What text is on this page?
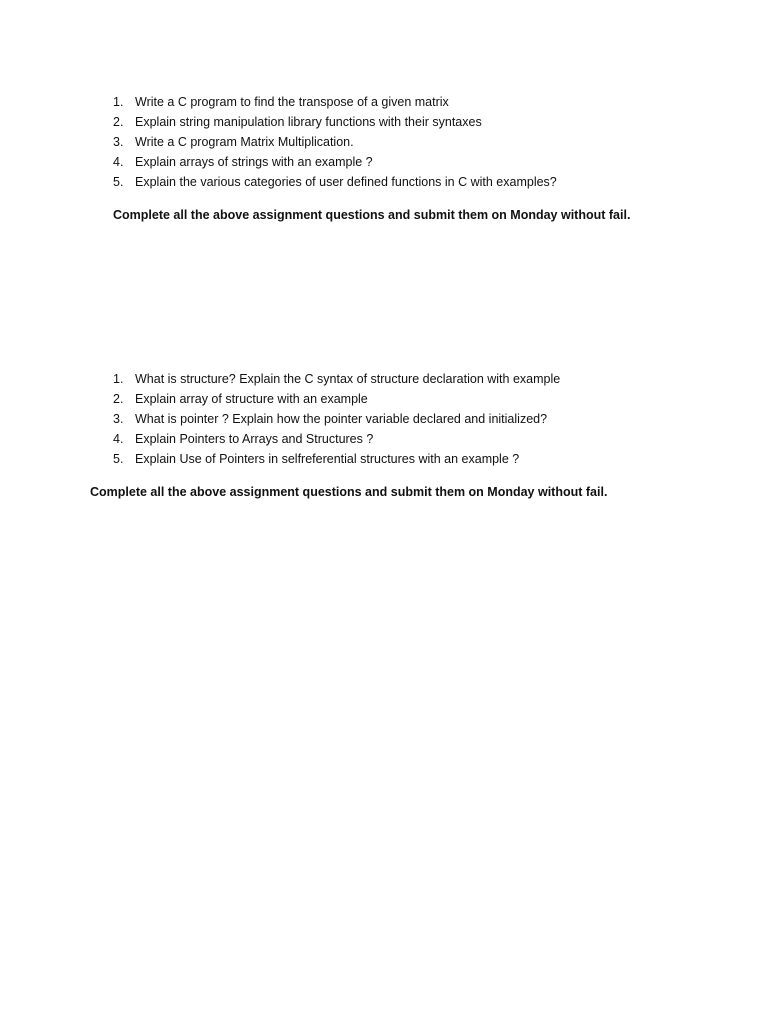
1. Write a C program to find the transpose of a given matrix
2. Explain string manipulation library functions with their syntaxes
3. Write a C program Matrix Multiplication.
4. Explain arrays of strings with an example ?
5. Explain the various categories of user defined functions in C with examples?

Complete all the above assignment questions and submit them on Monday without fail.

1. What is structure? Explain the C syntax of structure declaration with example
2. Explain array of structure with an example
3. What is pointer ? Explain how the pointer variable declared and initialized?
4. Explain Pointers to Arrays and Structures ?
5. Explain Use of Pointers in selfreferential structures with an example ?

Complete all the above assignment questions and submit them on Monday without fail.
